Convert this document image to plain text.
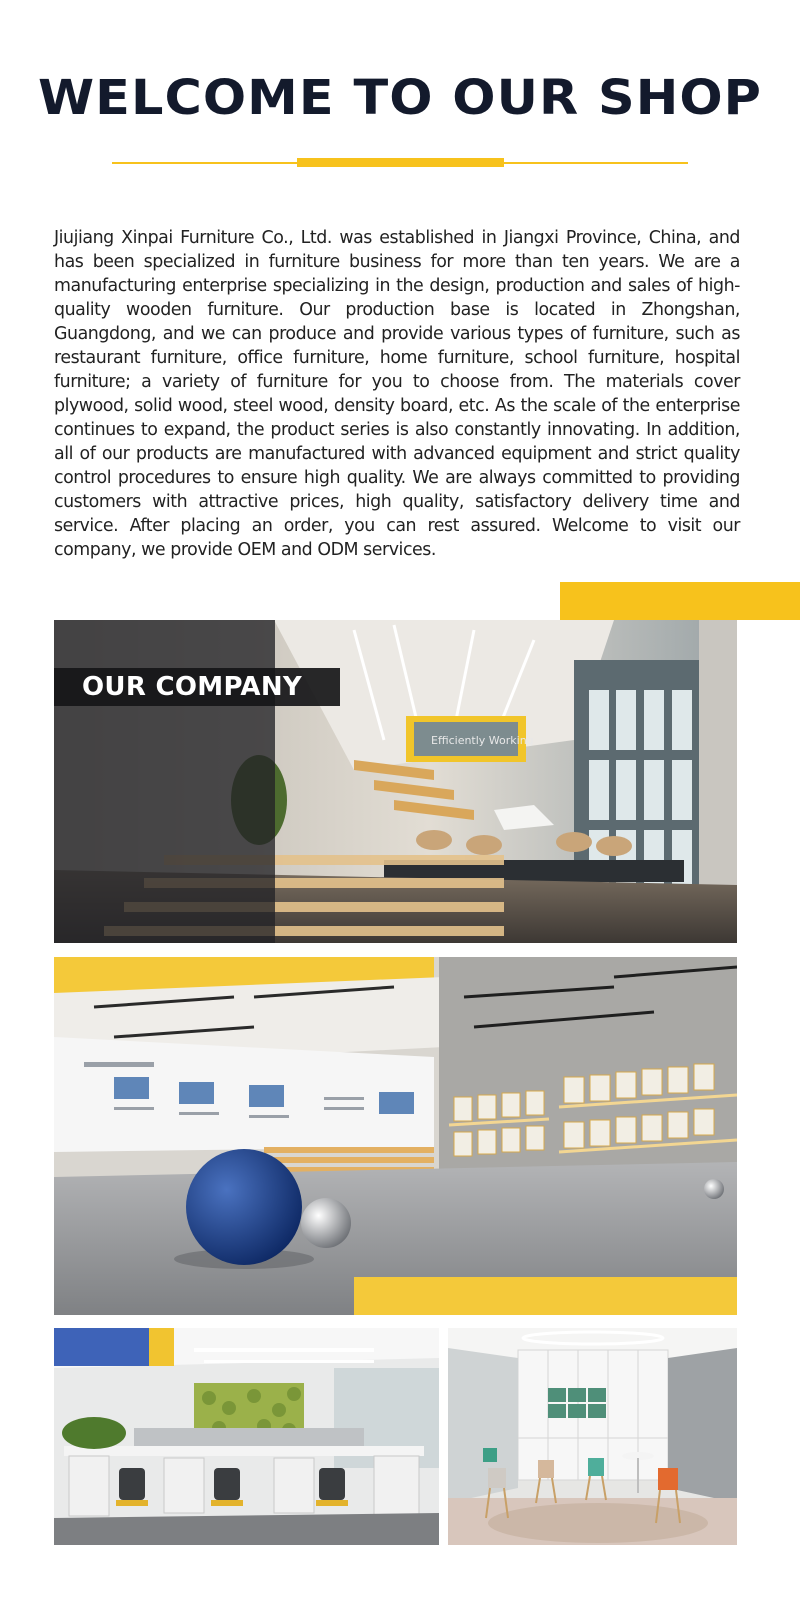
WELCOME TO OUR SHOP

Jiujiang Xinpai Furniture Co., Ltd. was established in Jiangxi Province, China, and has been specialized in furniture business for more than ten years. We are a manufacturing enterprise specializing in the design, production and sales of high-quality wooden furniture. Our production base is located in Zhongshan, Guangdong, and we can produce and provide various types of furniture, such as restaurant furniture, office furniture, home furniture, school furniture, hospital furniture; a variety of furniture for you to choose from. The materials cover plywood, solid wood, steel wood, density board, etc. As the scale of the enterprise continues to expand, the product series is also constantly innovating. In addition, all of our products are manufactured with advanced equipment and strict quality control procedures to ensure high quality. We are always committed to providing customers with attractive prices, high quality, satisfactory delivery time and service. After placing an order, you can rest assured. Welcome to visit our company, we provide OEM and ODM services.

Efficiently Working
OUR COMPANY
